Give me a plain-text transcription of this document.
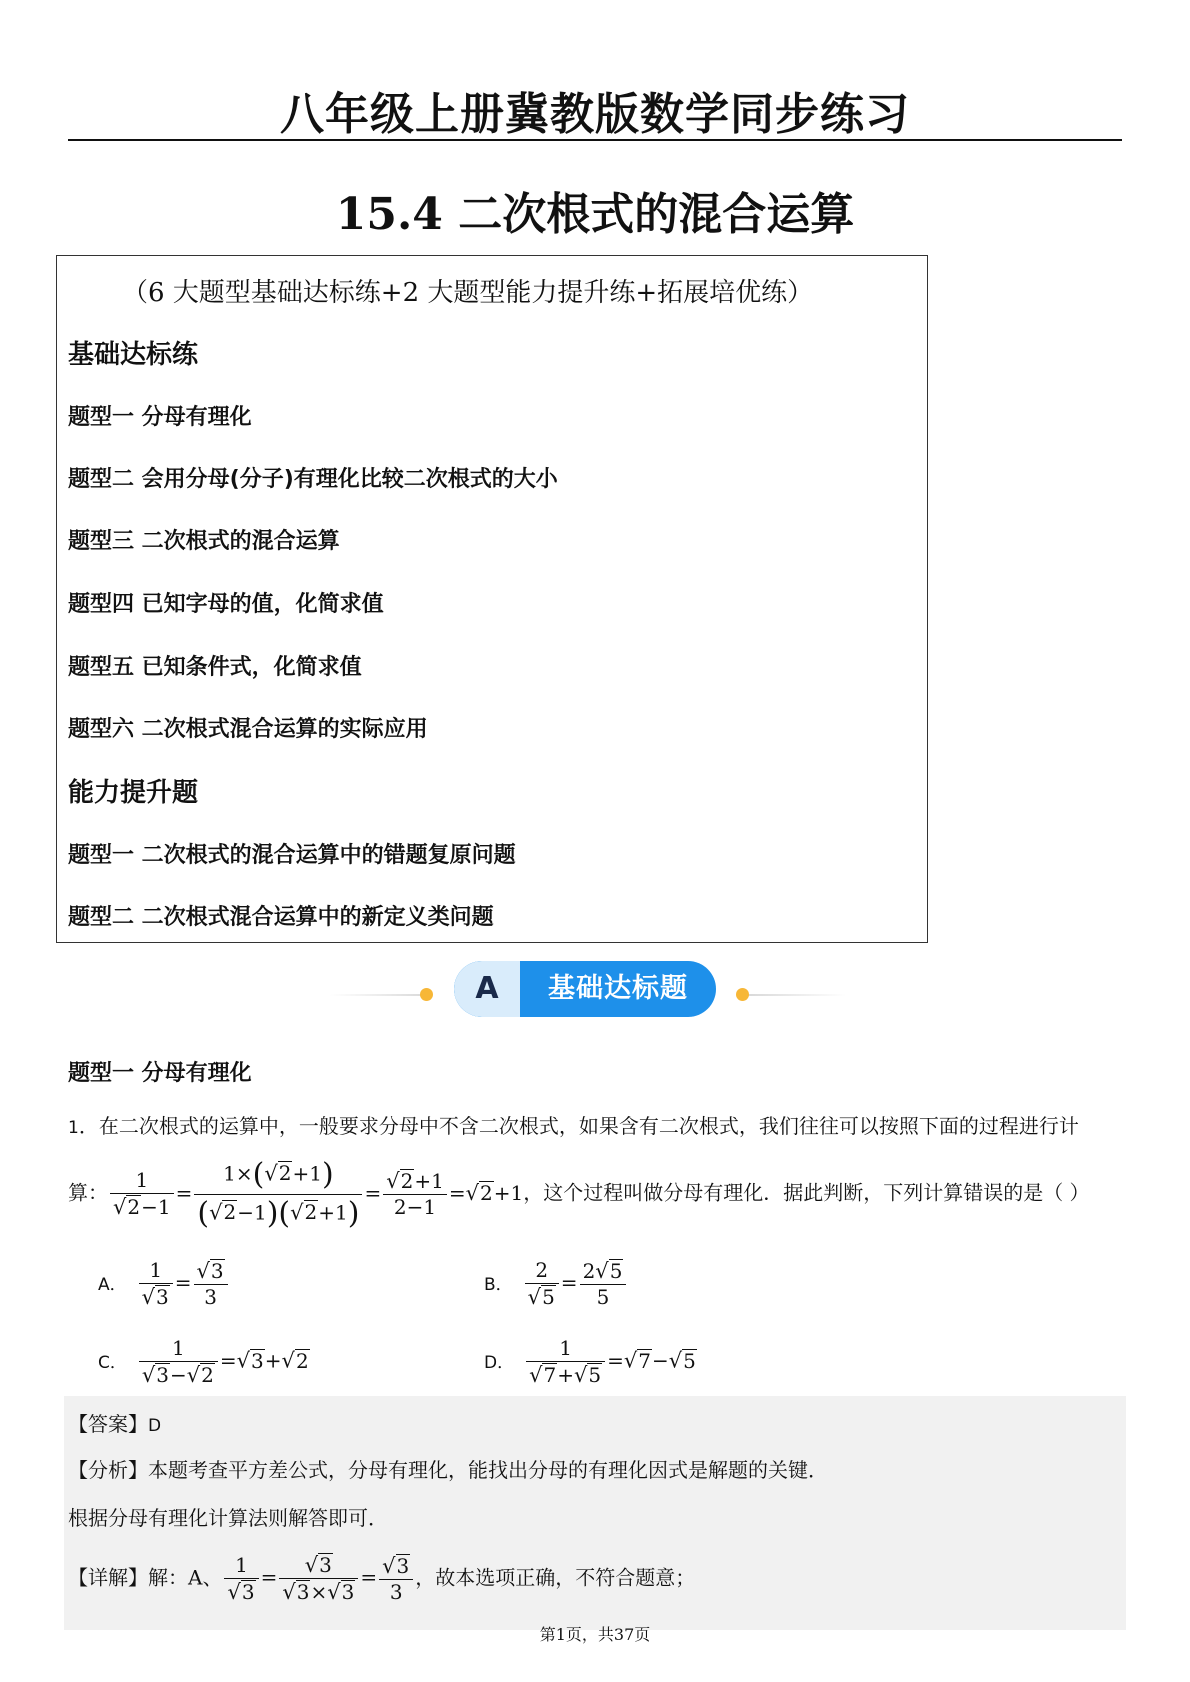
八年级上册冀教版数学同步练习
15.4 二次根式的混合运算
（6 大题型基础达标练+2 大题型能力提升练+拓展培优练）
基础达标练
题型一 分母有理化
题型二 会用分母(分子)有理化比较二次根式的大小
题型三 二次根式的混合运算
题型四 已知字母的值，化简求值
题型五 已知条件式，化简求值
题型六 二次根式混合运算的实际应用
能力提升题
题型一 二次根式的混合运算中的错题复原问题
题型二 二次根式混合运算中的新定义类问题
A	基础达标题
题型一 分母有理化
1．在二次根式的运算中，一般要求分母中不含二次根式，如果含有二次根式，我们往往可以按照下面的过程进行计
算： $\frac{1}{√2-1} = \frac{1\times(√2+1)}{(√2-1)(√2+1)} = \frac{√2+1}{2-1} =√2+1$，这个过程叫做分母有理化．据此判断，下列计算错误的是（ ）
A． $\frac{1}{√3} = \frac{√3}{3}$	B． $\frac{2}{√5} = \frac{2√5}{5}$
C． $\frac{1}{√3-√2} =√3+√2$	D． $\frac{1}{√7+√5} =√7-√5$
【答案】D
【分析】本题考查平方差公式，分母有理化，能找出分母的有理化因式是解题的关键．
根据分母有理化计算法则解答即可．
【详解】解：A、 $\frac{1}{√3} = \frac{√3}{√3\times√3} = \frac{√3}{3}$ ，故本选项正确，不符合题意；
第1页，共37页
